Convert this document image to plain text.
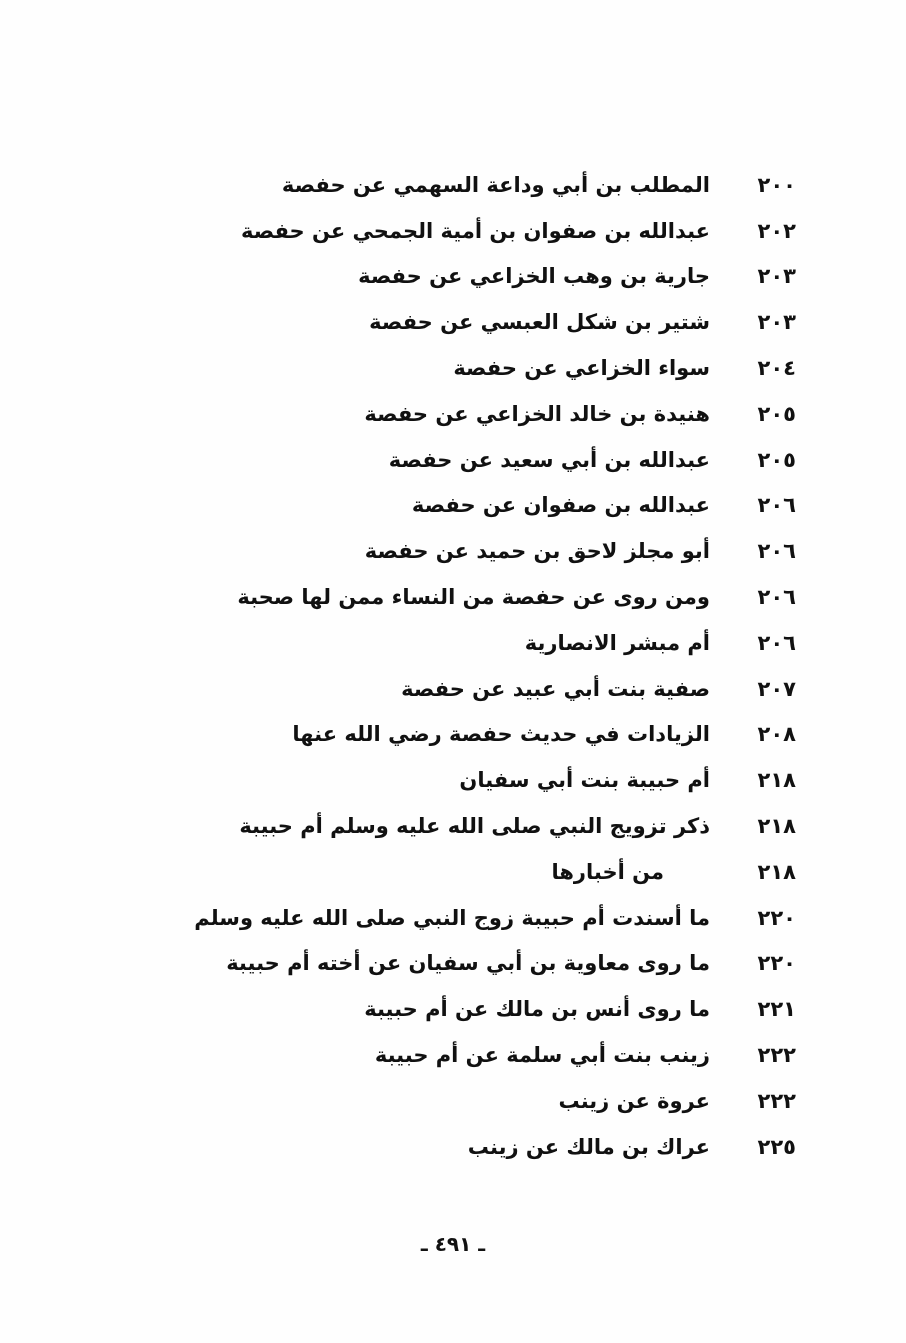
٢٠٠
المطلب بن أبي وداعة السهمي عن حفصة
٢٠٢
عبدالله بن صفوان بن أمية الجمحي عن حفصة
٢٠٣
جارية بن وهب الخزاعي عن حفصة
٢٠٣
شتير بن شكل العبسي عن حفصة
٢٠٤
سواء الخزاعي عن حفصة
٢٠٥
هنيدة بن خالد الخزاعي عن حفصة
٢٠٥
عبدالله بن أبي سعيد عن حفصة
٢٠٦
عبدالله بن صفوان عن حفصة
٢٠٦
أبو مجلز لاحق بن حميد عن حفصة
٢٠٦
ومن روى عن حفصة من النساء ممن لها صحبة
٢٠٦
أم مبشر الانصارية
٢٠٧
صفية بنت أبي عبيد عن حفصة
٢٠٨
الزيادات في حديث حفصة رضي الله عنها
٢١٨
أم حبيبة بنت أبي سفيان
٢١٨
ذكر تزويج النبي صلى الله عليه وسلم أم حبيبة
٢١٨
من أخبارها
٢٢٠
ما أسندت أم حبيبة زوج النبي صلى الله عليه وسلم
٢٢٠
ما روى معاوية بن أبي سفيان عن أخته أم حبيبة
٢٢١
ما روى أنس بن مالك عن أم حبيبة
٢٢٢
زينب بنت أبي سلمة عن أم حبيبة
٢٢٢
عروة عن زينب
٢٢٥
عراك بن مالك عن زينب
ـ ٤٩١ ـ
